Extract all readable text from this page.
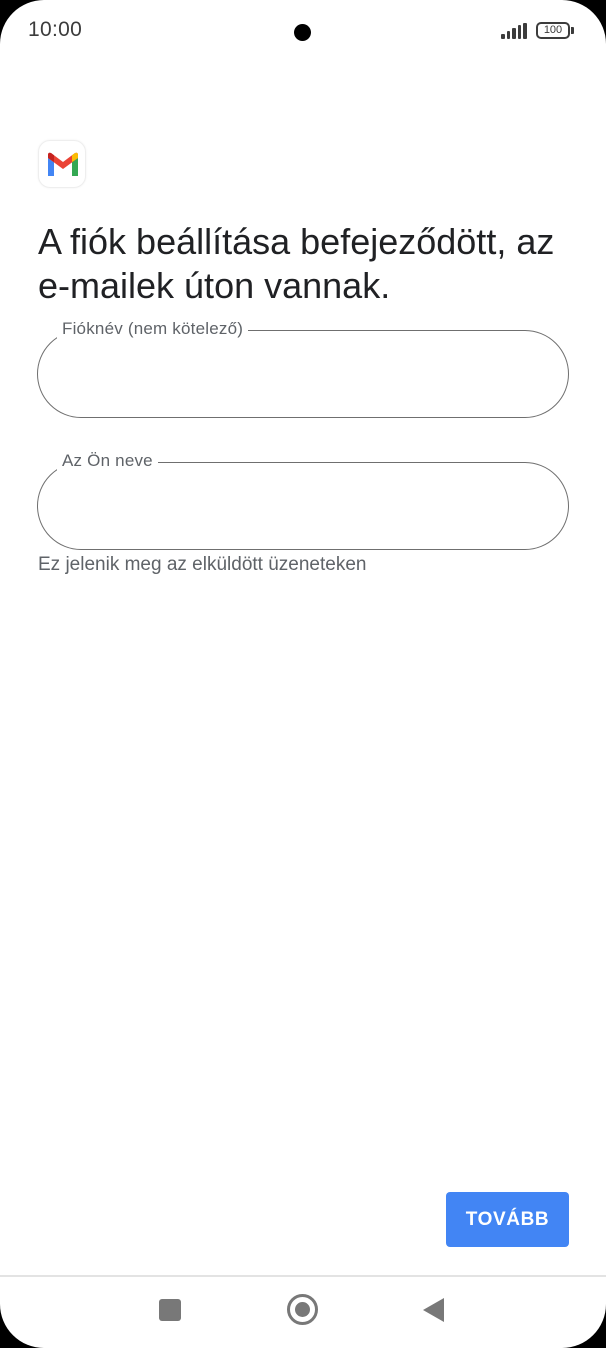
10:00	100
A fiók beállítása befejeződött, az e-mailek úton vannak.
Fióknév (nem kötelező)
Az Ön neve
Ez jelenik meg az elküldött üzeneteken
TOVÁBB
